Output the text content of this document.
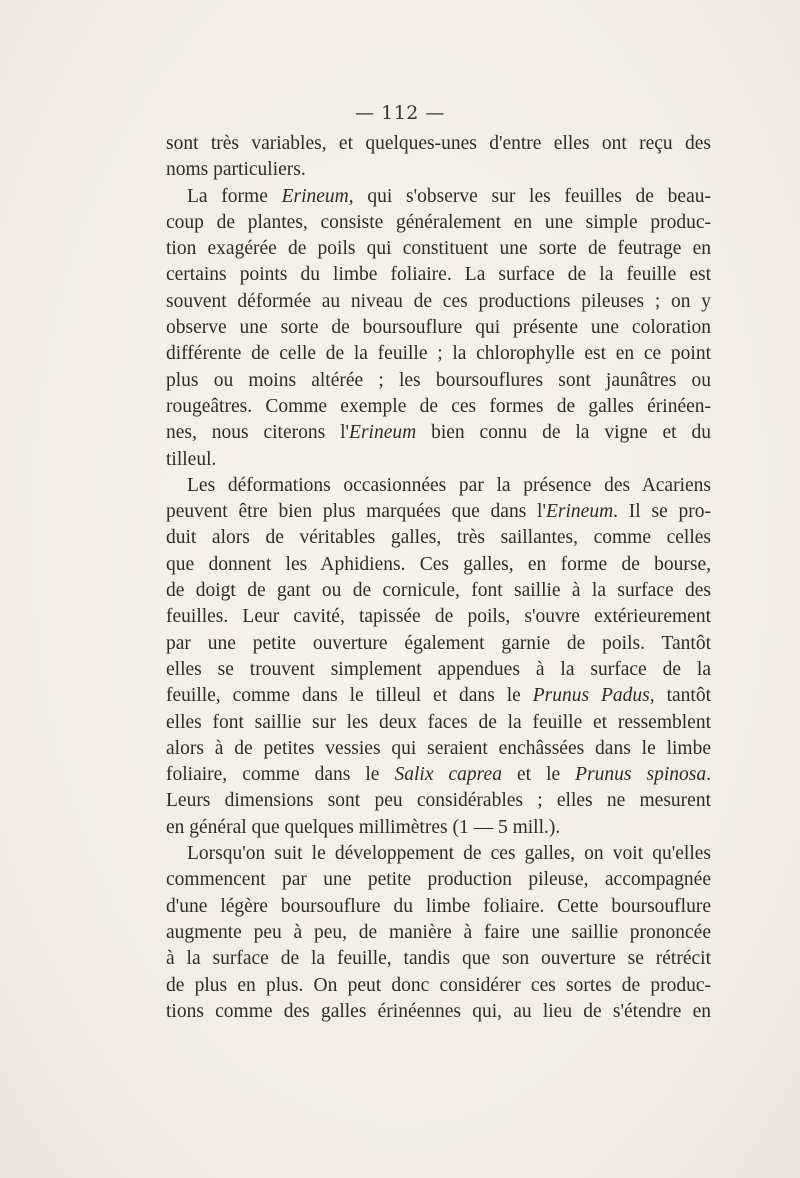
— 112 —
sont très variables, et quelques-unes d'entre elles ont reçu des
noms particuliers.
La forme Erineum, qui s'observe sur les feuilles de beau-
coup de plantes, consiste généralement en une simple produc-
tion exagérée de poils qui constituent une sorte de feutrage en
certains points du limbe foliaire. La surface de la feuille est
souvent déformée au niveau de ces productions pileuses ; on y
observe une sorte de boursouflure qui présente une coloration
différente de celle de la feuille ; la chlorophylle est en ce point
plus ou moins altérée ; les boursouflures sont jaunâtres ou
rougeâtres. Comme exemple de ces formes de galles érinéen-
nes, nous citerons l'Erineum bien connu de la vigne et du
tilleul.
Les déformations occasionnées par la présence des Acariens
peuvent être bien plus marquées que dans l'Erineum. Il se pro-
duit alors de véritables galles, très saillantes, comme celles
que donnent les Aphidiens. Ces galles, en forme de bourse,
de doigt de gant ou de cornicule, font saillie à la surface des
feuilles. Leur cavité, tapissée de poils, s'ouvre extérieurement
par une petite ouverture également garnie de poils. Tantôt
elles se trouvent simplement appendues à la surface de la
feuille, comme dans le tilleul et dans le Prunus Padus, tantôt
elles font saillie sur les deux faces de la feuille et ressemblent
alors à de petites vessies qui seraient enchâssées dans le limbe
foliaire, comme dans le Salix caprea et le Prunus spinosa.
Leurs dimensions sont peu considérables ; elles ne mesurent
en général que quelques millimètres (1 — 5 mill.).
Lorsqu'on suit le développement de ces galles, on voit qu'elles
commencent par une petite production pileuse, accompagnée
d'une légère boursouflure du limbe foliaire. Cette boursouflure
augmente peu à peu, de manière à faire une saillie prononcée
à la surface de la feuille, tandis que son ouverture se rétrécit
de plus en plus. On peut donc considérer ces sortes de produc-
tions comme des galles érinéennes qui, au lieu de s'étendre en
